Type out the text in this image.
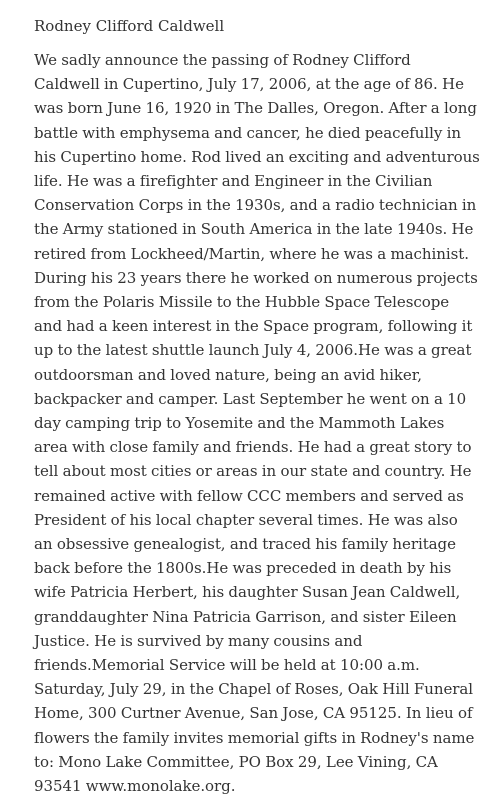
Rodney Clifford Caldwell

We sadly announce the passing of Rodney Clifford Caldwell in Cupertino, July 17, 2006, at the age of 86. He was born June 16, 1920 in The Dalles, Oregon. After a long battle with emphysema and cancer, he died peacefully in his Cupertino home. Rod lived an exciting and adventurous life. He was a firefighter and Engineer in the Civilian Conservation Corps in the 1930s, and a radio technician in the Army stationed in South America in the late 1940s. He retired from Lockheed/Martin, where he was a machinist. During his 23 years there he worked on numerous projects from the Polaris Missile to the Hubble Space Telescope and had a keen interest in the Space program, following it up to the latest shuttle launch July 4, 2006.He was a great outdoorsman and loved nature, being an avid hiker, backpacker and camper. Last September he went on a 10 day camping trip to Yosemite and the Mammoth Lakes area with close family and friends. He had a great story to tell about most cities or areas in our state and country. He remained active with fellow CCC members and served as President of his local chapter several times. He was also an obsessive genealogist, and traced his family heritage back before the 1800s.He was preceded in death by his wife Patricia Herbert, his daughter Susan Jean Caldwell, granddaughter Nina Patricia Garrison, and sister Eileen Justice. He is survived by many cousins and friends.Memorial Service will be held at 10:00 a.m. Saturday, July 29, in the Chapel of Roses, Oak Hill Funeral Home, 300 Curtner Avenue, San Jose, CA 95125. In lieu of flowers the family invites memorial gifts in Rodney's name to: Mono Lake Committee, PO Box 29, Lee Vining, CA 93541 www.monolake.org.
